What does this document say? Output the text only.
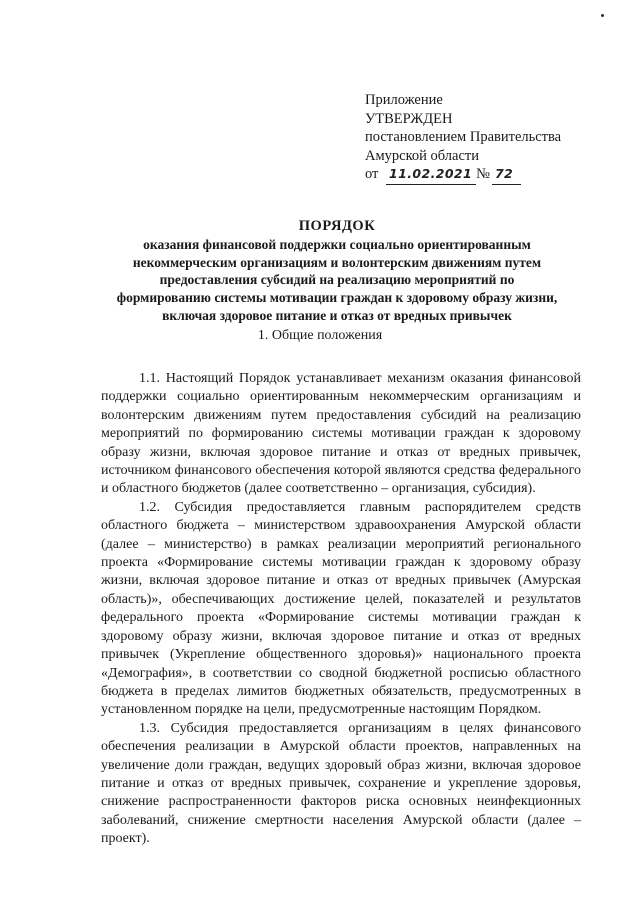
Приложение
УТВЕРЖДЕН
постановлением Правительства
Амурской области
от 11.02.2021 № 72
ПОРЯДОК
оказания финансовой поддержки социально ориентированным
некоммерческим организациям и волонтерским движениям путем
предоставления субсидий на реализацию мероприятий по
формированию системы мотивации граждан к здоровому образу жизни,
включая здоровое питание и отказ от вредных привычек
1. Общие положения

1.1. Настоящий Порядок устанавливает механизм оказания финансовой поддержки социально ориентированным некоммерческим организациям и волонтерским движениям путем предоставления субсидий на реализацию мероприятий по формированию системы мотивации граждан к здоровому образу жизни, включая здоровое питание и отказ от вредных привычек, источником финансового обеспечения которой являются средства федерального и областного бюджетов (далее соответственно – организация, субсидия).

1.2. Субсидия предоставляется главным распорядителем средств областного бюджета – министерством здравоохранения Амурской области (далее – министерство) в рамках реализации мероприятий регионального проекта «Формирование системы мотивации граждан к здоровому образу жизни, включая здоровое питание и отказ от вредных привычек (Амурская область)», обеспечивающих достижение целей, показателей и результатов федерального проекта «Формирование системы мотивации граждан к здоровому образу жизни, включая здоровое питание и отказ от вредных привычек (Укрепление общественного здоровья)» национального проекта «Демография», в соответствии со сводной бюджетной росписью областного бюджета в пределах лимитов бюджетных обязательств, предусмотренных в установленном порядке на цели, предусмотренные настоящим Порядком.

1.3. Субсидия предоставляется организациям в целях финансового обеспечения реализации в Амурской области проектов, направленных на увеличение доли граждан, ведущих здоровый образ жизни, включая здоровое питание и отказ от вредных привычек, сохранение и укрепление здоровья, снижение распространенности факторов риска основных неинфекционных заболеваний, снижение смертности населения Амурской области (далее – проект).
